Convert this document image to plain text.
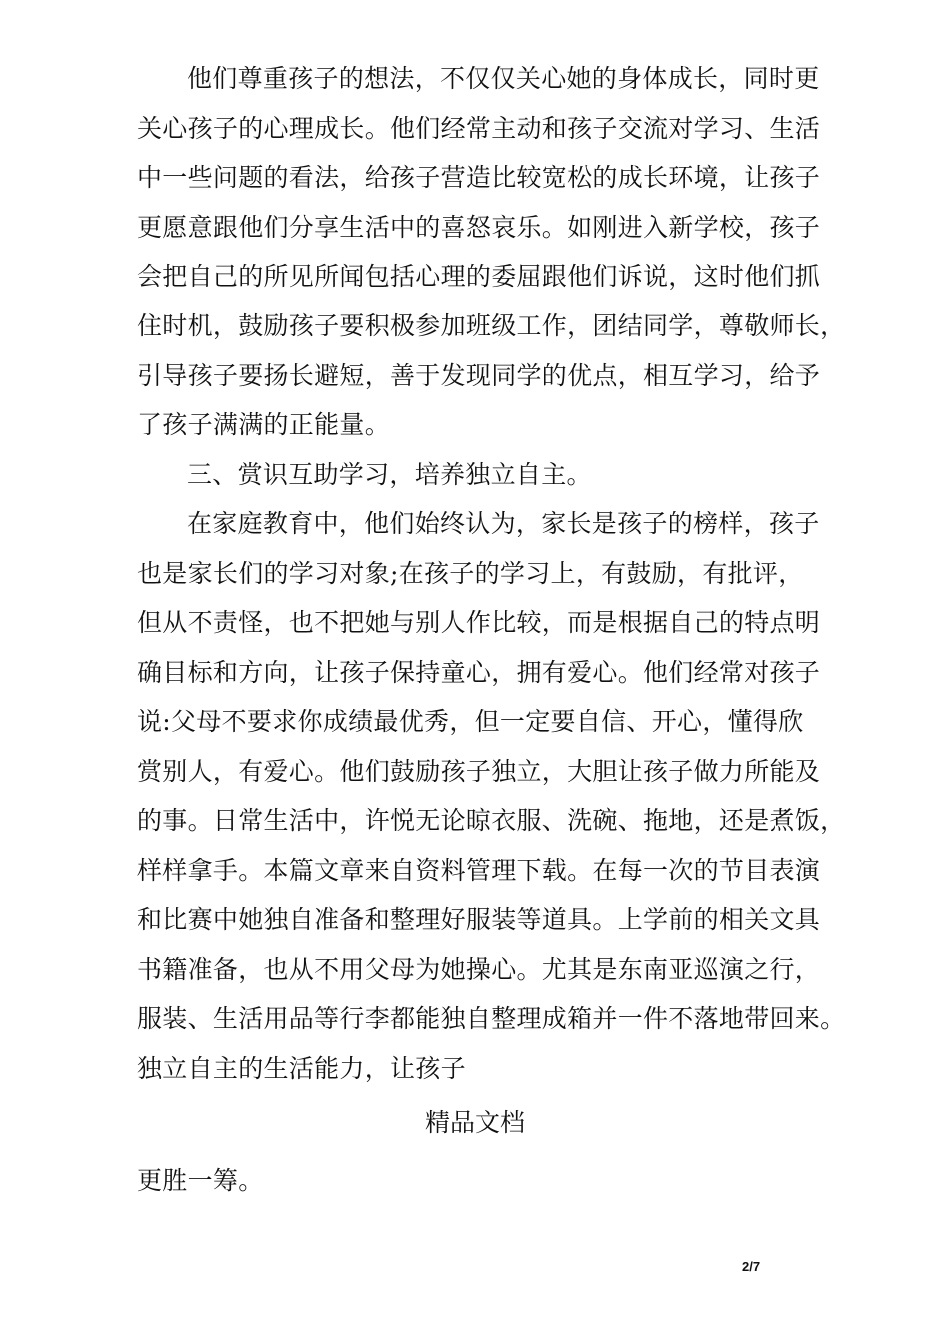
他们尊重孩子的想法，不仅仅关心她的身体成长，同时更
关心孩子的心理成长。他们经常主动和孩子交流对学习、生活
中一些问题的看法，给孩子营造比较宽松的成长环境，让孩子
更愿意跟他们分享生活中的喜怒哀乐。如刚进入新学校，孩子
会把自己的所见所闻包括心理的委屈跟他们诉说，这时他们抓
住时机，鼓励孩子要积极参加班级工作，团结同学，尊敬师长，
引导孩子要扬长避短，善于发现同学的优点，相互学习，给予
了孩子满满的正能量。
三、赏识互助学习，培养独立自主。
在家庭教育中，他们始终认为，家长是孩子的榜样，孩子
也是家长们的学习对象;在孩子的学习上，有鼓励，有批评，
但从不责怪，也不把她与别人作比较，而是根据自己的特点明
确目标和方向，让孩子保持童心，拥有爱心。他们经常对孩子
说:父母不要求你成绩最优秀，但一定要自信、开心，懂得欣
赏别人，有爱心。他们鼓励孩子独立，大胆让孩子做力所能及
的事。日常生活中，许悦无论晾衣服、洗碗、拖地，还是煮饭，
样样拿手。本篇文章来自资料管理下载。在每一次的节目表演
和比赛中她独自准备和整理好服装等道具。上学前的相关文具
书籍准备，也从不用父母为她操心。尤其是东南亚巡演之行，
服装、生活用品等行李都能独自整理成箱并一件不落地带回来。
独立自主的生活能力，让孩子
精品文档
更胜一筹。
2/7
